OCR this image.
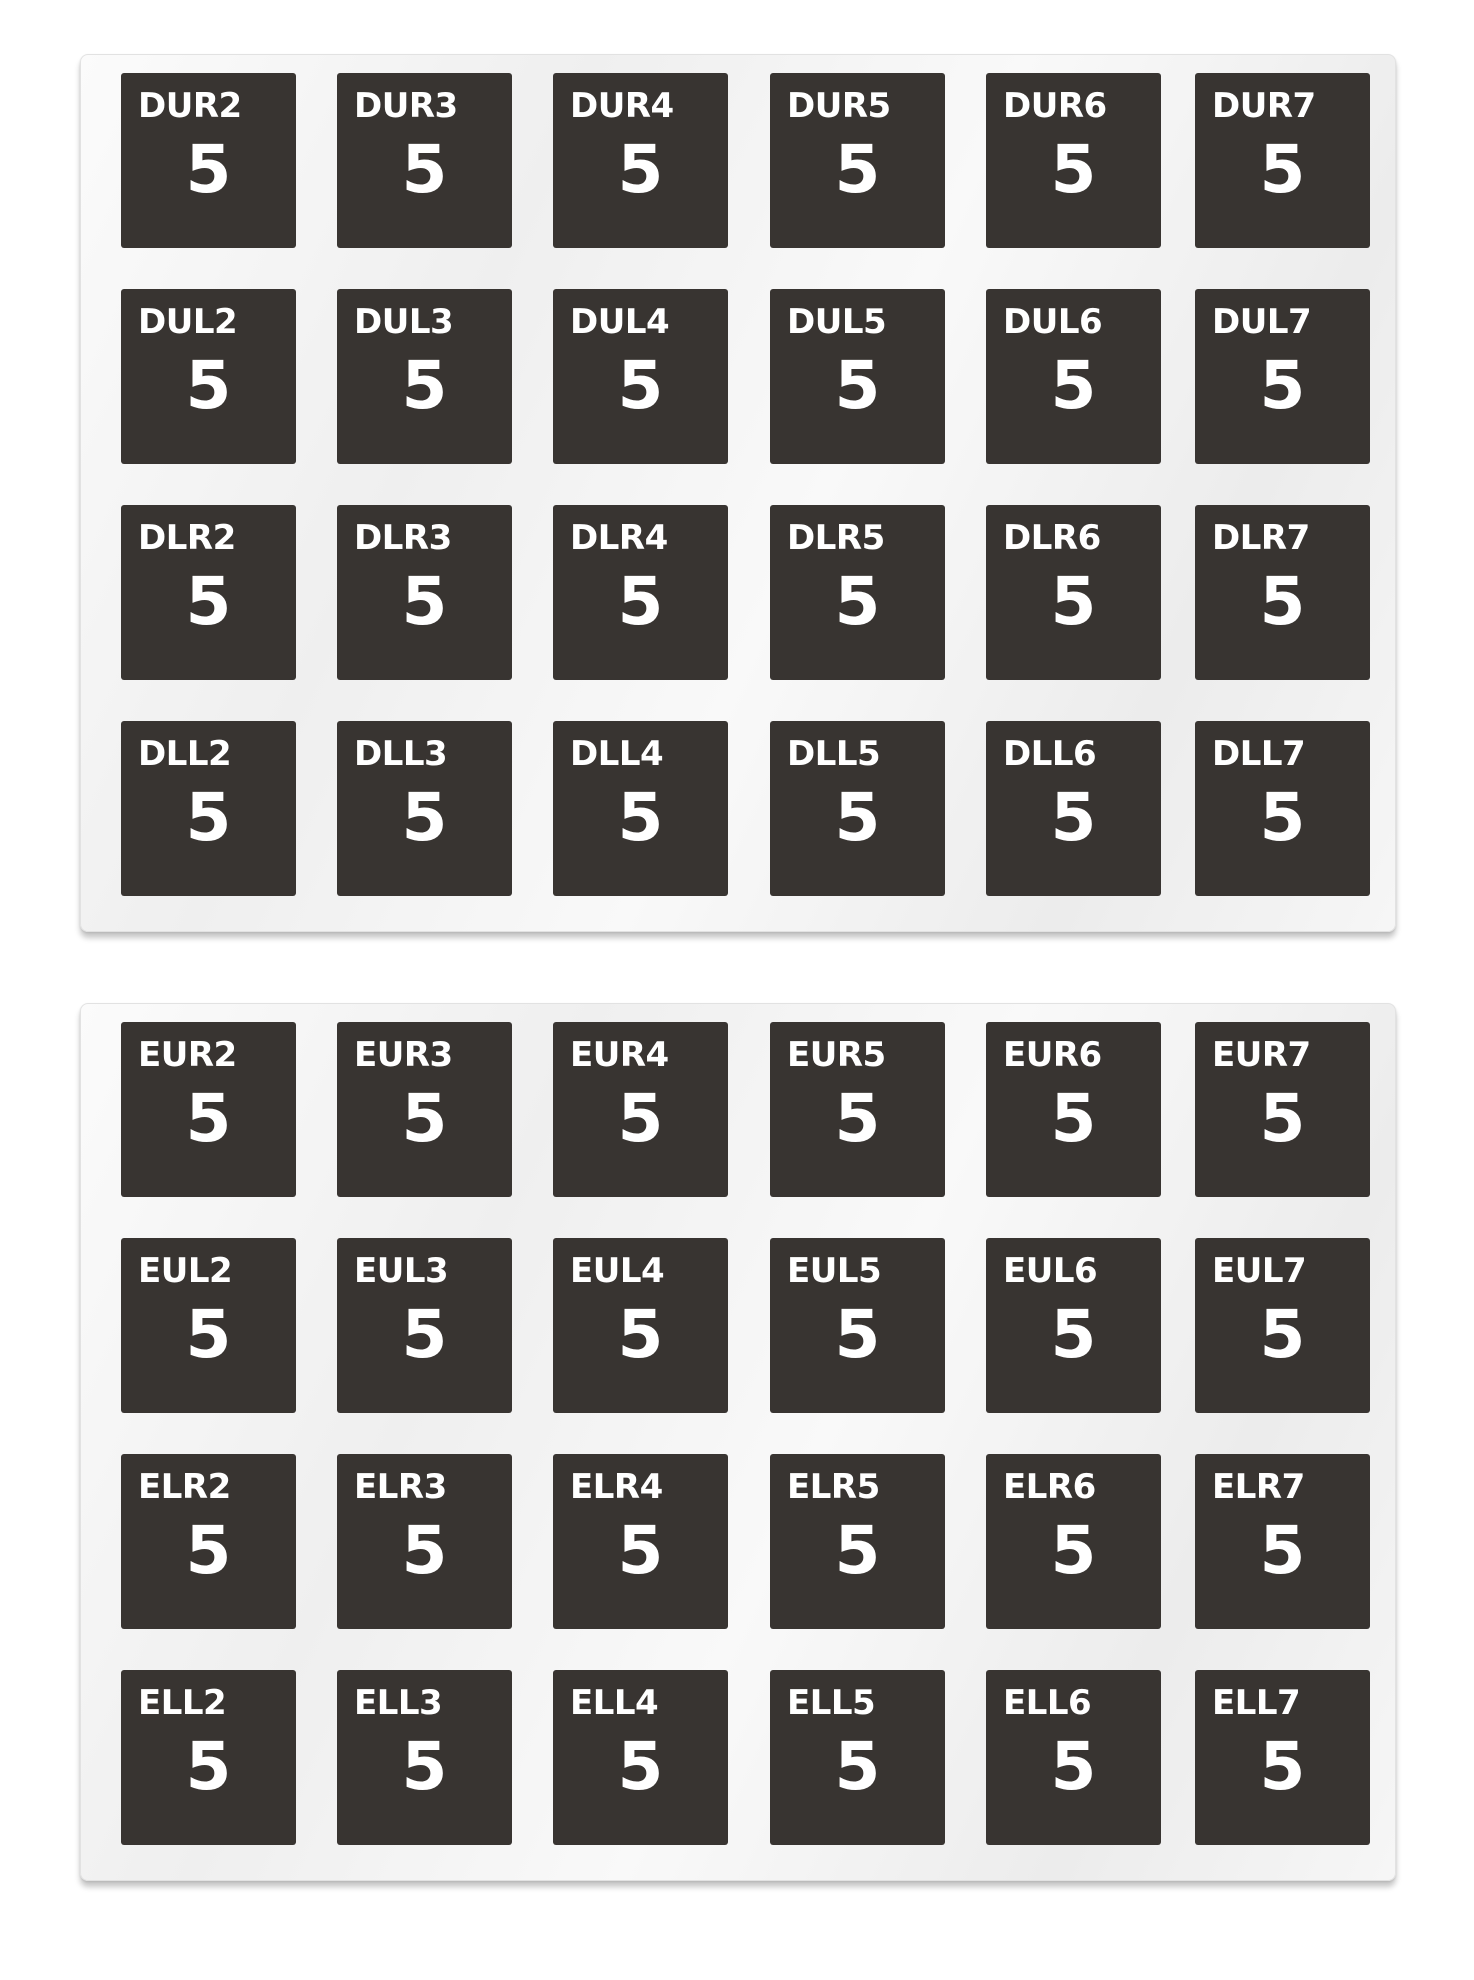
DUR2
5
DUR3
5
DUR4
5
DUR5
5
DUR6
5
DUR7
5
DUL2
5
DUL3
5
DUL4
5
DUL5
5
DUL6
5
DUL7
5
DLR2
5
DLR3
5
DLR4
5
DLR5
5
DLR6
5
DLR7
5
DLL2
5
DLL3
5
DLL4
5
DLL5
5
DLL6
5
DLL7
5
EUR2
5
EUR3
5
EUR4
5
EUR5
5
EUR6
5
EUR7
5
EUL2
5
EUL3
5
EUL4
5
EUL5
5
EUL6
5
EUL7
5
ELR2
5
ELR3
5
ELR4
5
ELR5
5
ELR6
5
ELR7
5
ELL2
5
ELL3
5
ELL4
5
ELL5
5
ELL6
5
ELL7
5
